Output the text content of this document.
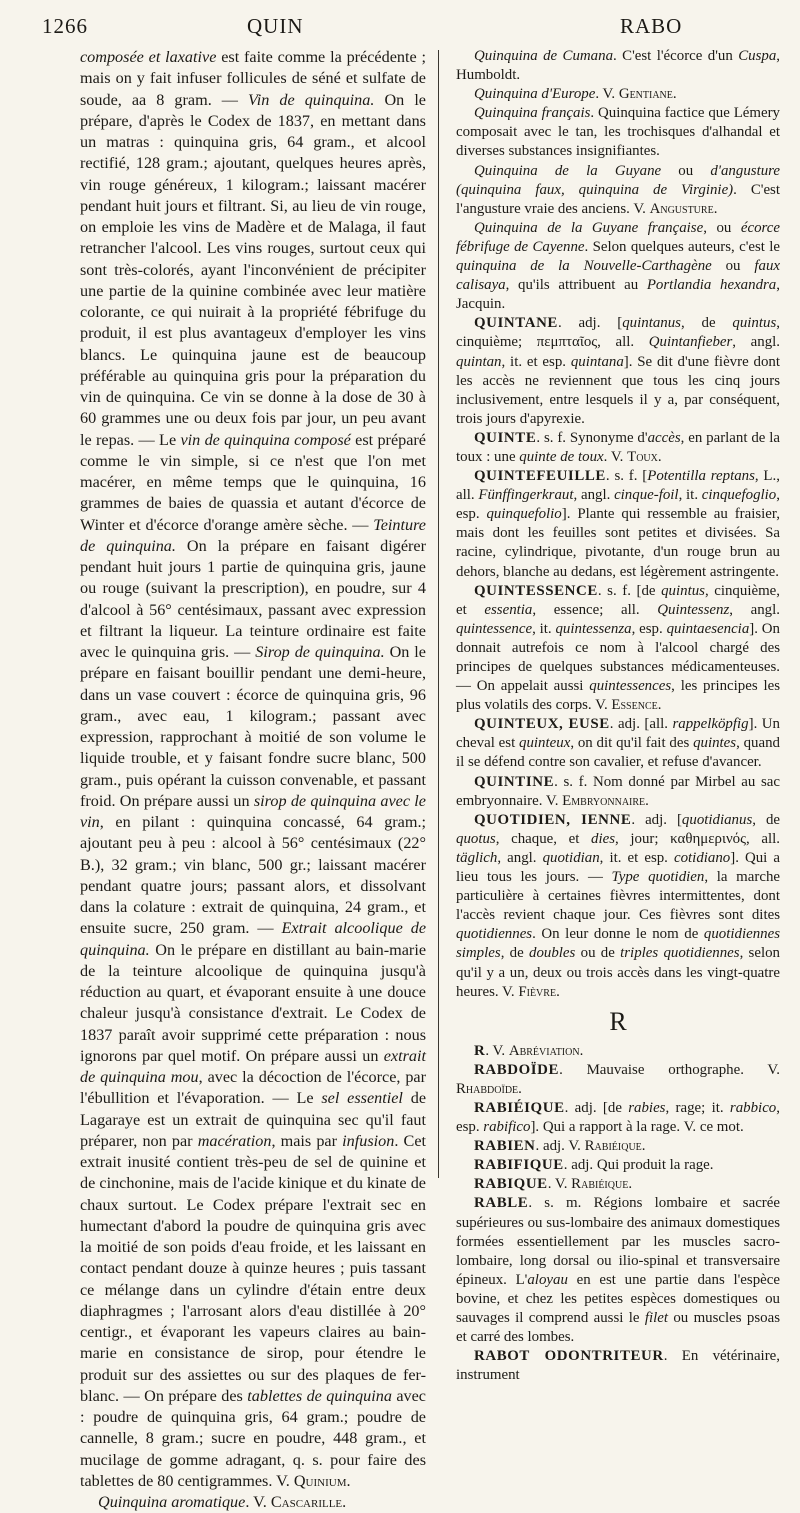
1266	QUIN	RABO

composée et laxative est faite comme la précédente ; mais on y fait infuser follicules de séné et sulfate de soude, aa 8 gram. — Vin de quinquina. On le prépare, d'après le Codex de 1837, en mettant dans un matras : quinquina gris, 64 gram., et alcool rectifié, 128 gram.; ajoutant, quelques heures après, vin rouge généreux, 1 kilogram.; laissant macérer pendant huit jours et filtrant. Si, au lieu de vin rouge, on emploie les vins de Madère et de Malaga, il faut retrancher l'alcool. Les vins rouges, surtout ceux qui sont très-colorés, ayant l'inconvénient de précipiter une partie de la quinine combinée avec leur matière colorante, ce qui nuirait à la propriété fébrifuge du produit, il est plus avantageux d'employer les vins blancs. Le quinquina jaune est de beaucoup préférable au quinquina gris pour la préparation du vin de quinquina. Ce vin se donne à la dose de 30 à 60 grammes une ou deux fois par jour, un peu avant le repas. — Le vin de quinquina composé est préparé comme le vin simple, si ce n'est que l'on met macérer, en même temps que le quinquina, 16 grammes de baies de quassia et autant d'écorce de Winter et d'écorce d'orange amère sèche. — Teinture de quinquina. On la prépare en faisant digérer pendant huit jours 1 partie de quinquina gris, jaune ou rouge (suivant la prescription), en poudre, sur 4 d'alcool à 56° centésimaux, passant avec expression et filtrant la liqueur. La teinture ordinaire est faite avec le quinquina gris. — Sirop de quinquina. On le prépare en faisant bouillir pendant une demi-heure, dans un vase couvert : écorce de quinquina gris, 96 gram., avec eau, 1 kilogram.; passant avec expression, rapprochant à moitié de son volume le liquide trouble, et y faisant fondre sucre blanc, 500 gram., puis opérant la cuisson convenable, et passant froid. On prépare aussi un sirop de quinquina avec le vin, en pilant : quinquina concassé, 64 gram.; ajoutant peu à peu : alcool à 56° centésimaux (22° B.), 32 gram.; vin blanc, 500 gr.; laissant macérer pendant quatre jours; passant alors, et dissolvant dans la colature : extrait de quinquina, 24 gram., et ensuite sucre, 250 gram. — Extrait alcoolique de quinquina. On le prépare en distillant au bain-marie de la teinture alcoolique de quinquina jusqu'à réduction au quart, et évaporant ensuite à une douce chaleur jusqu'à consistance d'extrait. Le Codex de 1837 paraît avoir supprimé cette préparation : nous ignorons par quel motif. On prépare aussi un extrait de quinquina mou, avec la décoction de l'écorce, par l'ébullition et l'évaporation. — Le sel essentiel de Lagaraye est un extrait de quinquina sec qu'il faut préparer, non par macération, mais par infusion. Cet extrait inusité contient très-peu de sel de quinine et de cinchonine, mais de l'acide kinique et du kinate de chaux surtout. Le Codex prépare l'extrait sec en humectant d'abord la poudre de quinquina gris avec la moitié de son poids d'eau froide, et les laissant en contact pendant douze à quinze heures ; puis tassant ce mélange dans un cylindre d'étain entre deux diaphragmes ; l'arrosant alors d'eau distillée à 20° centigr., et évaporant les vapeurs claires au bain-marie en consistance de sirop, pour étendre le produit sur des assiettes ou sur des plaques de fer-blanc. — On prépare des tablettes de quinquina avec : poudre de quinquina gris, 64 gram.; poudre de cannelle, 8 gram.; sucre en poudre, 448 gram., et mucilage de gomme adragant, q. s. pour faire des tablettes de 80 centigrammes. V. Quinium.

Quinquina aromatique. V. Cascarille.

Quinquina de Cumana. C'est l'écorce d'un Cuspa, Humboldt.

Quinquina d'Europe. V. Gentiane.

Quinquina français. Quinquina factice que Lémery composait avec le tan, les trochisques d'alhandal et diverses substances insignifiantes.

Quinquina de la Guyane ou d'angusture (quinquina faux, quinquina de Virginie). C'est l'angusture vraie des anciens. V. Angusture.

Quinquina de la Guyane française, ou écorce fébrifuge de Cayenne. Selon quelques auteurs, c'est le quinquina de la Nouvelle-Carthagène ou faux calisaya, qu'ils attribuent au Portlandia hexandra, Jacquin.

QUINTANE. adj. [quintanus, de quintus, cinquième; πεμπταῖος, all. Quintanfieber, angl. quintan, it. et esp. quintana]. Se dit d'une fièvre dont les accès ne reviennent que tous les cinq jours inclusivement, entre lesquels il y a, par conséquent, trois jours d'apyrexie.

QUINTE. s. f. Synonyme d'accès, en parlant de la toux : une quinte de toux. V. Toux.

QUINTEFEUILLE. s. f. [Potentilla reptans, L., all. Fünffingerkraut, angl. cinque-foil, it. cinquefoglio, esp. quinquefolio]. Plante qui ressemble au fraisier, mais dont les feuilles sont petites et divisées. Sa racine, cylindrique, pivotante, d'un rouge brun au dehors, blanche au dedans, est légèrement astringente.

QUINTESSENCE. s. f. [de quintus, cinquième, et essentia, essence; all. Quintessenz, angl. quintessence, it. quintessenza, esp. quintaesencia]. On donnait autrefois ce nom à l'alcool chargé des principes de quelques substances médicamenteuses. — On appelait aussi quintessences, les principes les plus volatils des corps. V. Essence.

QUINTEUX, EUSE. adj. [all. rappelköpfig]. Un cheval est quinteux, on dit qu'il fait des quintes, quand il se défend contre son cavalier, et refuse d'avancer.

QUINTINE. s. f. Nom donné par Mirbel au sac embryonnaire. V. Embryonnaire.

QUOTIDIEN, IENNE. adj. [quotidianus, de quotus, chaque, et dies, jour; καθημερινός, all. täglich, angl. quotidian, it. et esp. cotidiano]. Qui a lieu tous les jours. — Type quotidien, la marche particulière à certaines fièvres intermittentes, dont l'accès revient chaque jour. Ces fièvres sont dites quotidiennes. On leur donne le nom de quotidiennes simples, de doubles ou de triples quotidiennes, selon qu'il y a un, deux ou trois accès dans les vingt-quatre heures. V. Fièvre.

R

R. V. Abréviation.

RABDOÏDE. Mauvaise orthographe. V. Rhabdoïde.

RABIÉIQUE. adj. [de rabies, rage; it. rabbico, esp. rabifico]. Qui a rapport à la rage. V. ce mot.

RABIEN. adj. V. Rabiéique.

RABIFIQUE. adj. Qui produit la rage.

RABIQUE. V. Rabiéique.

RABLE. s. m. Régions lombaire et sacrée supérieures ou sus-lombaire des animaux domestiques formées essentiellement par les muscles sacro-lombaire, long dorsal ou ilio-spinal et transversaire épineux. L'aloyau en est une partie dans l'espèce bovine, et chez les petites espèces domestiques ou sauvages il comprend aussi le filet ou muscles psoas et carré des lombes.

RABOT ODONTRITEUR. En vétérinaire, instrument
